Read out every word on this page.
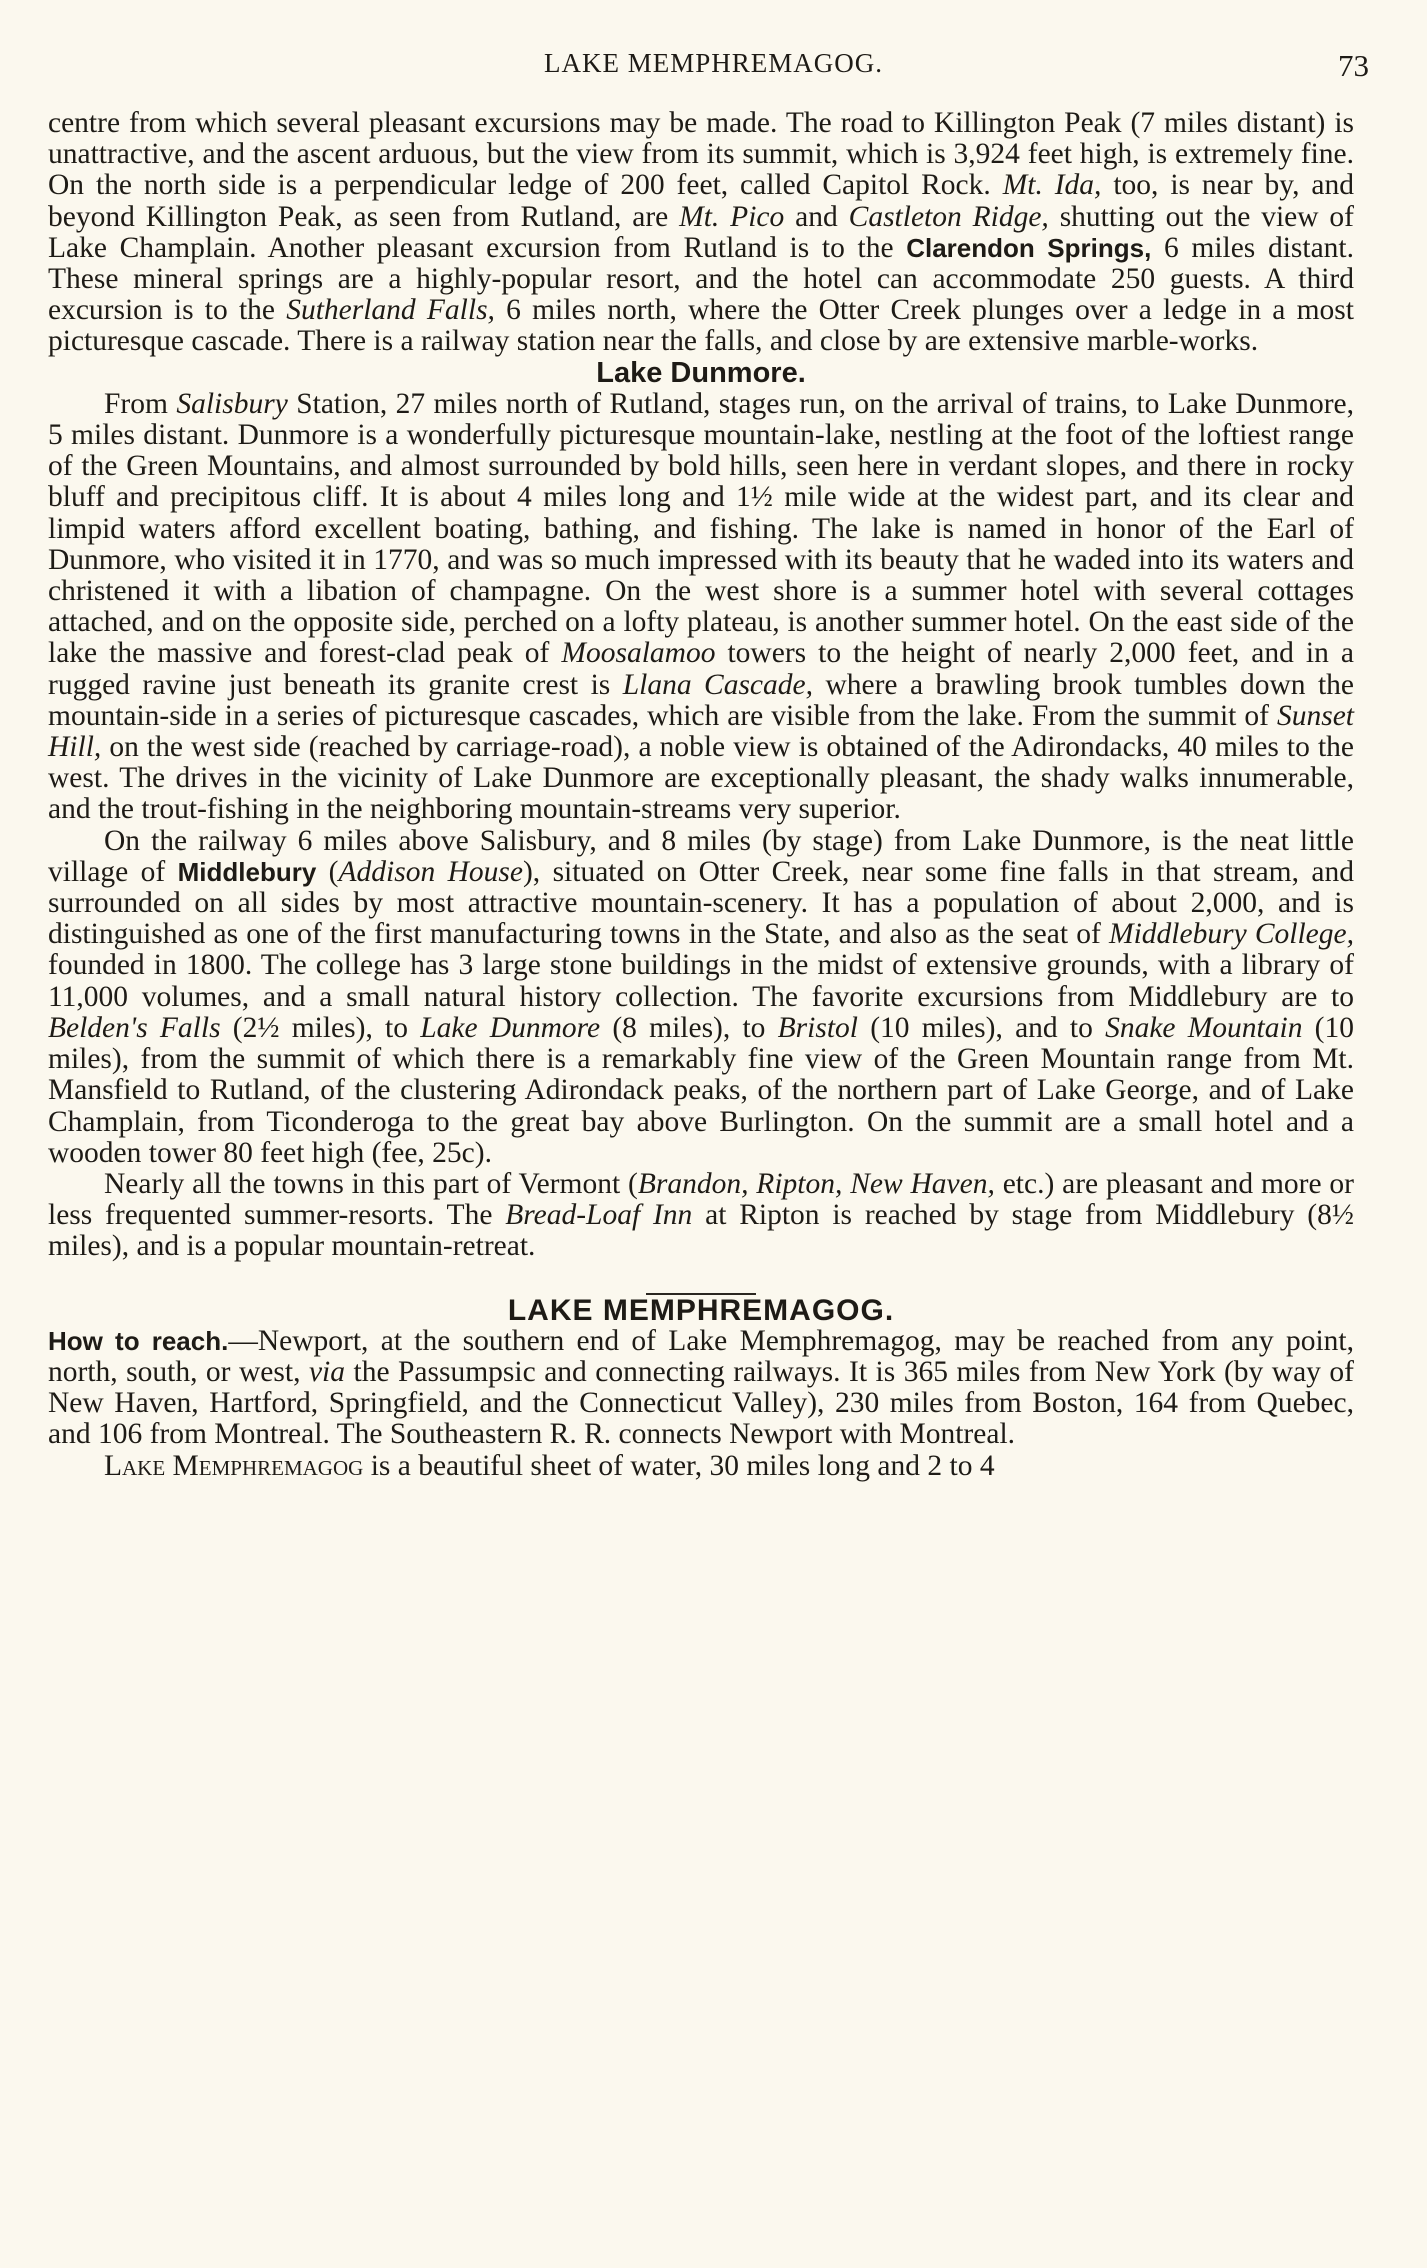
LAKE MEMPHREMAGOG.	73

centre from which several pleasant excursions may be made. The road to Killington Peak (7 miles distant) is unattractive, and the ascent arduous, but the view from its summit, which is 3,924 feet high, is extremely fine. On the north side is a perpendicular ledge of 200 feet, called Capitol Rock. Mt. Ida, too, is near by, and beyond Killington Peak, as seen from Rutland, are Mt. Pico and Castleton Ridge, shutting out the view of Lake Champlain. Another pleasant excursion from Rutland is to the Clarendon Springs, 6 miles distant. These mineral springs are a highly-popular resort, and the hotel can accommodate 250 guests. A third excursion is to the Sutherland Falls, 6 miles north, where the Otter Creek plunges over a ledge in a most picturesque cascade. There is a railway station near the falls, and close by are extensive marble-works.

Lake Dunmore.

From Salisbury Station, 27 miles north of Rutland, stages run, on the arrival of trains, to Lake Dunmore, 5 miles distant. Dunmore is a wonderfully picturesque mountain-lake, nestling at the foot of the loftiest range of the Green Mountains, and almost surrounded by bold hills, seen here in verdant slopes, and there in rocky bluff and precipitous cliff. It is about 4 miles long and 1½ mile wide at the widest part, and its clear and limpid waters afford excellent boating, bathing, and fishing. The lake is named in honor of the Earl of Dunmore, who visited it in 1770, and was so much impressed with its beauty that he waded into its waters and christened it with a libation of champagne. On the west shore is a summer hotel with several cottages attached, and on the opposite side, perched on a lofty plateau, is another summer hotel. On the east side of the lake the massive and forest-clad peak of Moosalamoo towers to the height of nearly 2,000 feet, and in a rugged ravine just beneath its granite crest is Llana Cascade, where a brawling brook tumbles down the mountain-side in a series of picturesque cascades, which are visible from the lake. From the summit of Sunset Hill, on the west side (reached by carriage-road), a noble view is obtained of the Adirondacks, 40 miles to the west. The drives in the vicinity of Lake Dunmore are exceptionally pleasant, the shady walks innumerable, and the trout-fishing in the neighboring mountain-streams very superior.

On the railway 6 miles above Salisbury, and 8 miles (by stage) from Lake Dunmore, is the neat little village of Middlebury (Addison House), situated on Otter Creek, near some fine falls in that stream, and surrounded on all sides by most attractive mountain-scenery. It has a population of about 2,000, and is distinguished as one of the first manufacturing towns in the State, and also as the seat of Middlebury College, founded in 1800. The college has 3 large stone buildings in the midst of extensive grounds, with a library of 11,000 volumes, and a small natural history collection. The favorite excursions from Middlebury are to Belden's Falls (2½ miles), to Lake Dunmore (8 miles), to Bristol (10 miles), and to Snake Mountain (10 miles), from the summit of which there is a remarkably fine view of the Green Mountain range from Mt. Mansfield to Rutland, of the clustering Adirondack peaks, of the northern part of Lake George, and of Lake Champlain, from Ticonderoga to the great bay above Burlington. On the summit are a small hotel and a wooden tower 80 feet high (fee, 25c).

Nearly all the towns in this part of Vermont (Brandon, Ripton, New Haven, etc.) are pleasant and more or less frequented summer-resorts. The Bread-Loaf Inn at Ripton is reached by stage from Middlebury (8½ miles), and is a popular mountain-retreat.

LAKE MEMPHREMAGOG.

How to reach.—Newport, at the southern end of Lake Memphremagog, may be reached from any point, north, south, or west, via the Passumpsic and connecting railways. It is 365 miles from New York (by way of New Haven, Hartford, Springfield, and the Connecticut Valley), 230 miles from Boston, 164 from Quebec, and 106 from Montreal. The Southeastern R. R. connects Newport with Montreal.

Lake Memphremagog is a beautiful sheet of water, 30 miles long and 2 to 4
